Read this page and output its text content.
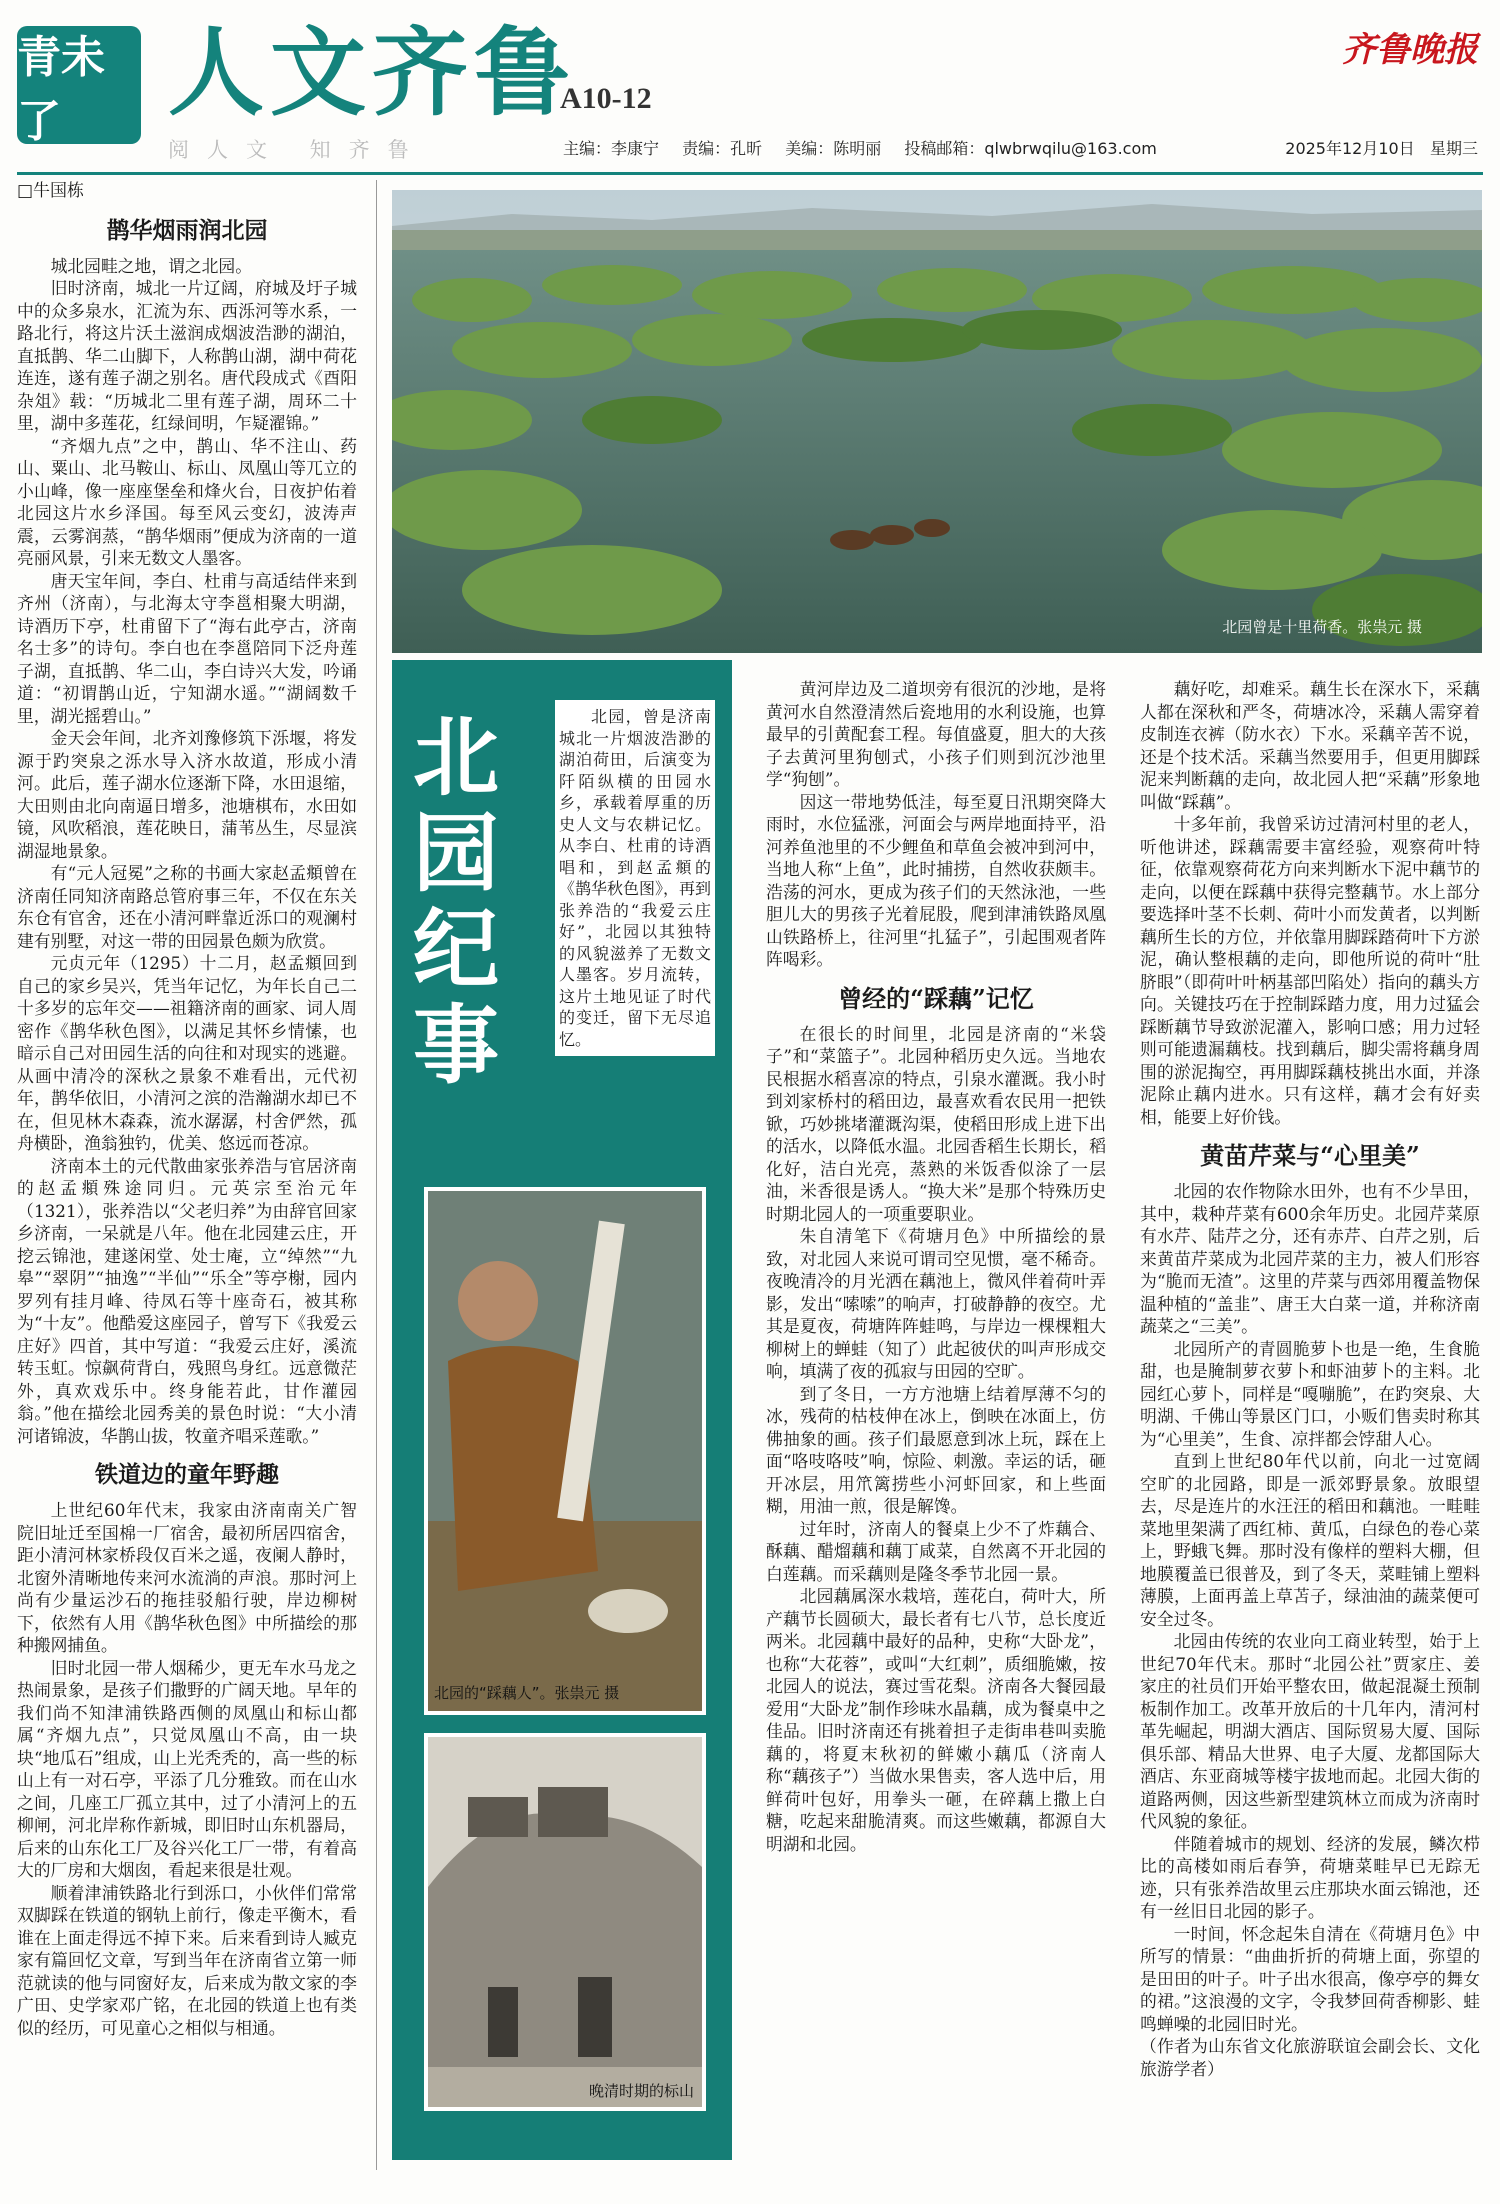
青未了	人文齐鲁
A10-12
齐鲁晚报
阅人文 知齐鲁	主编：李康宁 责编：孔昕 美编：陈明丽 投稿邮箱：qlwbrwqilu@163.com	2025年12月10日 星期三
□牛国栋
鹊华烟雨润北园

城北园畦之地，谓之北园。

旧时济南，城北一片辽阔，府城及圩子城中的众多泉水，汇流为东、西泺河等水系，一路北行，将这片沃土滋润成烟波浩渺的湖泊，直抵鹊、华二山脚下，人称鹊山湖，湖中荷花连连，遂有莲子湖之别名。唐代段成式《酉阳杂俎》载：“历城北二里有莲子湖，周环二十里，湖中多莲花，红绿间明，乍疑濯锦。”

“齐烟九点”之中，鹊山、华不注山、药山、粟山、北马鞍山、标山、凤凰山等兀立的小山峰，像一座座堡垒和烽火台，日夜护佑着北园这片水乡泽国。每至风云变幻，波涛声震，云雾润蒸，“鹊华烟雨”便成为济南的一道亮丽风景，引来无数文人墨客。

唐天宝年间，李白、杜甫与高适结伴来到齐州（济南），与北海太守李邕相聚大明湖，诗酒历下亭，杜甫留下了“海右此亭古，济南名士多”的诗句。李白也在李邕陪同下泛舟莲子湖，直抵鹊、华二山，李白诗兴大发，吟诵道：“初谓鹊山近，宁知湖水遥。”“湖阔数千里，湖光摇碧山。”

金天会年间，北齐刘豫修筑下泺堰，将发源于趵突泉之泺水导入济水故道，形成小清河。此后，莲子湖水位逐渐下降，水田退缩，大田则由北向南逼日增多，池塘棋布，水田如镜，风吹稻浪，莲花映日，蒲苇丛生，尽显滨湖湿地景象。

有“元人冠冕”之称的书画大家赵孟頫曾在济南任同知济南路总管府事三年，不仅在东关东仓有官舍，还在小清河畔靠近泺口的观澜村建有别墅，对这一带的田园景色颇为欣赏。

元贞元年（1295）十二月，赵孟頫回到自己的家乡吴兴，凭当年记忆，为年长自己二十多岁的忘年交——祖籍济南的画家、词人周密作《鹊华秋色图》，以满足其怀乡情愫，也暗示自己对田园生活的向往和对现实的逃避。从画中清冷的深秋之景象不难看出，元代初年，鹊华依旧，小清河之滨的浩瀚湖水却已不在，但见林木森森，流水潺潺，村舍俨然，孤舟横卧，渔翁独钓，优美、悠远而苍凉。

济南本土的元代散曲家张养浩与官居济南的赵孟頫殊途同归。元英宗至治元年（1321），张养浩以“父老归养”为由辞官回家乡济南，一呆就是八年。他在北园建云庄，开挖云锦池，建遂闲堂、处士庵，立“绰然”“九皋”“翠阴”“抽逸”“半仙”“乐全”等亭榭，园内罗列有挂月峰、待凤石等十座奇石，被其称为“十友”。他酷爱这座园子，曾写下《我爱云庄好》四首，其中写道：“我爱云庄好，溪流转玉虹。惊飙荷背白，残照鸟身红。远意微茫外，真欢戏乐中。终身能若此，甘作灌园翁。”他在描绘北园秀美的景色时说：“大小清河诸锦波，华鹊山拔，牧童齐唱采莲歌。”

铁道边的童年野趣

上世纪60年代末，我家由济南南关广智院旧址迁至国棉一厂宿舍，最初所居四宿舍，距小清河林家桥段仅百米之遥，夜阑人静时，北窗外清晰地传来河水流淌的声浪。那时河上尚有少量运沙石的拖挂驳船行驶，岸边柳树下，依然有人用《鹊华秋色图》中所描绘的那种搬网捕鱼。

旧时北园一带人烟稀少，更无车水马龙之热闹景象，是孩子们撒野的广阔天地。早年的我们尚不知津浦铁路西侧的凤凰山和标山都属“齐烟九点”，只觉凤凰山不高，由一块块“地瓜石”组成，山上光秃秃的，高一些的标山上有一对石亭，平添了几分雅致。而在山水之间，几座工厂孤立其中，过了小清河上的五柳闸，河北岸称作新城，即旧时山东机器局，后来的山东化工厂及谷兴化工厂一带，有着高大的厂房和大烟囱，看起来很是壮观。

顺着津浦铁路北行到泺口，小伙伴们常常双脚踩在铁道的钢轨上前行，像走平衡木，看谁在上面走得远不掉下来。后来看到诗人臧克家有篇回忆文章，写到当年在济南省立第一师范就读的他与同窗好友，后来成为散文家的李广田、史学家邓广铭，在北园的铁道上也有类似的经历，可见童心之相似与相通。

北园曾是十里荷香。张祟元 摄
北园纪事
北园，曾是济南城北一片烟波浩渺的湖泊荷田，后演变为阡陌纵横的田园水乡，承载着厚重的历史人文与农耕记忆。从李白、杜甫的诗酒唱和，到赵孟頫的《鹊华秋色图》，再到张养浩的“我爱云庄好”，北园以其独特的风貌滋养了无数文人墨客。岁月流转，这片土地见证了时代的变迁，留下无尽追忆。
北园的“踩藕人”。张祟元 摄
晚清时期的标山

黄河岸边及二道坝旁有很沉的沙地，是将黄河水自然澄清然后瓷地用的水利设施，也算最早的引黄配套工程。每值盛夏，胆大的大孩子去黄河里狗刨式，小孩子们则到沉沙池里学“狗刨”。

因这一带地势低洼，每至夏日汛期突降大雨时，水位猛涨，河面会与两岸地面持平，沿河养鱼池里的不少鲤鱼和草鱼会被冲到河中，当地人称“上鱼”，此时捕捞，自然收获颇丰。浩荡的河水，更成为孩子们的天然泳池，一些胆儿大的男孩子光着屁股，爬到津浦铁路凤凰山铁路桥上，往河里“扎猛子”，引起围观者阵阵喝彩。

曾经的“踩藕”记忆

在很长的时间里，北园是济南的“米袋子”和“菜篮子”。北园种稻历史久远。当地农民根据水稻喜凉的特点，引泉水灌溉。我小时到刘家桥村的稻田边，最喜欢看农民用一把铁锨，巧妙挑堵灌溉沟渠，使稻田形成上进下出的活水，以降低水温。北园香稻生长期长，稻化好，洁白光亮，蒸熟的米饭香似涂了一层油，米香很是诱人。“换大米”是那个特殊历史时期北园人的一项重要职业。

朱自清笔下《荷塘月色》中所描绘的景致，对北园人来说可谓司空见惯，毫不稀奇。夜晚清冷的月光洒在藕池上，微风伴着荷叶弄影，发出“嗦嗦”的响声，打破静静的夜空。尤其是夏夜，荷塘阵阵蛙鸣，与岸边一棵棵粗大柳树上的蝉蛙（知了）此起彼伏的叫声形成交响，填满了夜的孤寂与田园的空旷。

到了冬日，一方方池塘上结着厚薄不匀的冰，残荷的枯枝伸在冰上，倒映在冰面上，仿佛抽象的画。孩子们最愿意到冰上玩，踩在上面“咯吱咯吱”响，惊险、刺激。幸运的话，砸开冰层，用笊篱捞些小河虾回家，和上些面糊，用油一煎，很是解馋。

过年时，济南人的餐桌上少不了炸藕合、酥藕、醋熘藕和藕丁咸菜，自然离不开北园的白莲藕。而采藕则是隆冬季节北园一景。

北园藕属深水栽培，莲花白，荷叶大，所产藕节长圆硕大，最长者有七八节，总长度近两米。北园藕中最好的品种，史称“大卧龙”，也称“大花蓉”，或叫“大红刺”，质细脆嫩，按北园人的说法，赛过雪花梨。济南各大餐园最爱用“大卧龙”制作珍味水晶藕，成为餐桌中之佳品。旧时济南还有挑着担子走街串巷叫卖脆藕的，将夏末秋初的鲜嫩小藕瓜（济南人称“藕孩子”）当做水果售卖，客人选中后，用鲜荷叶包好，用拳头一砸，在碎藕上撒上白糖，吃起来甜脆清爽。而这些嫩藕，都源自大明湖和北园。

藕好吃，却难采。藕生长在深水下，采藕人都在深秋和严冬，荷塘冰冷，采藕人需穿着皮制连衣裤（防水衣）下水。采藕辛苦不说，还是个技术活。采藕当然要用手，但更用脚踩泥来判断藕的走向，故北园人把“采藕”形象地叫做“踩藕”。

十多年前，我曾采访过清河村里的老人，听他讲述，踩藕需要丰富经验，观察荷叶特征，依靠观察荷花方向来判断水下泥中藕节的走向，以便在踩藕中获得完整藕节。水上部分要选择叶茎不长刺、荷叶小而发黄者，以判断藕所生长的方位，并依靠用脚踩踏荷叶下方淤泥，确认整根藕的走向，即他所说的荷叶“肚脐眼”（即荷叶叶柄基部凹陷处）指向的藕头方向。关键技巧在于控制踩踏力度，用力过猛会踩断藕节导致淤泥灌入，影响口感；用力过轻则可能遗漏藕枝。找到藕后，脚尖需将藕身周围的淤泥掏空，再用脚踩藕枝挑出水面，并涤泥除止藕内进水。只有这样，藕才会有好卖相，能要上好价钱。

黄苗芹菜与“心里美”

北园的农作物除水田外，也有不少旱田，其中，栽种芹菜有600余年历史。北园芹菜原有水芹、陆芹之分，还有赤芹、白芹之别，后来黄苗芹菜成为北园芹菜的主力，被人们形容为“脆而无渣”。这里的芹菜与西郊用覆盖物保温种植的“盖韭”、唐王大白菜一道，并称济南蔬菜之“三美”。

北园所产的青圆脆萝卜也是一绝，生食脆甜，也是腌制萝衣萝卜和虾油萝卜的主料。北园红心萝卜，同样是“嘎嘣脆”，在趵突泉、大明湖、千佛山等景区门口，小贩们售卖时称其为“心里美”，生食、凉拌都会饽甜人心。

直到上世纪80年代以前，向北一过宽阔空旷的北园路，即是一派郊野景象。放眼望去，尽是连片的水汪汪的稻田和藕池。一畦畦菜地里架满了西红柿、黄瓜，白绿色的卷心菜上，野蛾飞舞。那时没有像样的塑料大棚，但地膜覆盖已很普及，到了冬天，菜畦铺上塑料薄膜，上面再盖上草苫子，绿油油的蔬菜便可安全过冬。

北园由传统的农业向工商业转型，始于上世纪70年代末。那时“北园公社”贾家庄、姜家庄的社员们开始平整农田，做起混凝土预制板制作加工。改革开放后的十几年内，清河村革先崛起，明湖大酒店、国际贸易大厦、国际俱乐部、精品大世界、电子大厦、龙都国际大酒店、东亚商城等楼宇拔地而起。北园大街的道路两侧，因这些新型建筑林立而成为济南时代风貌的象征。

伴随着城市的规划、经济的发展，鳞次栉比的高楼如雨后春笋，荷塘菜畦早已无踪无迹，只有张养浩故里云庄那块水面云锦池，还有一丝旧日北园的影子。

一时间，怀念起朱自清在《荷塘月色》中所写的情景：“曲曲折折的荷塘上面，弥望的是田田的叶子。叶子出水很高，像亭亭的舞女的裙。”这浪漫的文字，令我梦回荷香柳影、蛙鸣蝉噪的北园旧时光。

（作者为山东省文化旅游联谊会副会长、文化旅游学者）
